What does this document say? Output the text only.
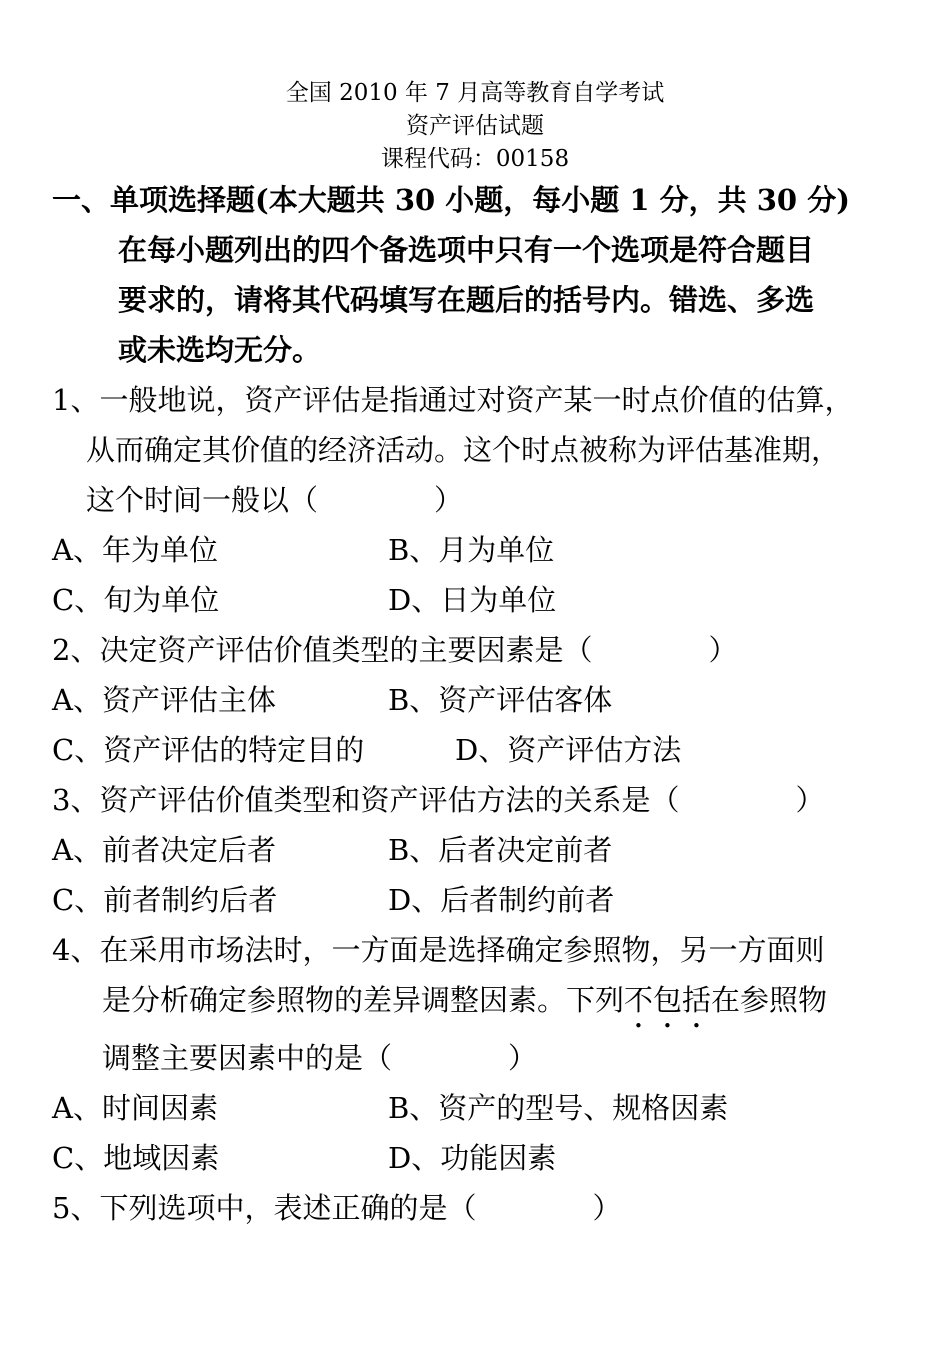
全国 2010 年 7 月高等教育自学考试
资产评估试题
课程代码：00158
一、单项选择题(本大题共 30 小题，每小题 1 分，共 30 分)
在每小题列出的四个备选项中只有一个选项是符合题目
要求的，请将其代码填写在题后的括号内。错选、多选
或未选均无分。
1、一般地说，资产评估是指通过对资产某一时点价值的估算，
从而确定其价值的经济活动。这个时点被称为评估基准期，
这个时间一般以（　　　　）
A、年为单位	B、月为单位
C、旬为单位	D、日为单位
2、决定资产评估价值类型的主要因素是（　　　　）
A、资产评估主体	B、资产评估客体
C、资产评估的特定目的	D、资产评估方法
3、资产评估价值类型和资产评估方法的关系是（　　　　）
A、前者决定后者	B、后者决定前者
C、前者制约后者	D、后者制约前者
4、在采用市场法时，一方面是选择确定参照物，另一方面则
是分析确定参照物的差异调整因素。下列不包括在参照物
调整主要因素中的是（　　　　）
A、时间因素	B、资产的型号、规格因素
C、地域因素	D、功能因素
5、下列选项中，表述正确的是（　　　　）
